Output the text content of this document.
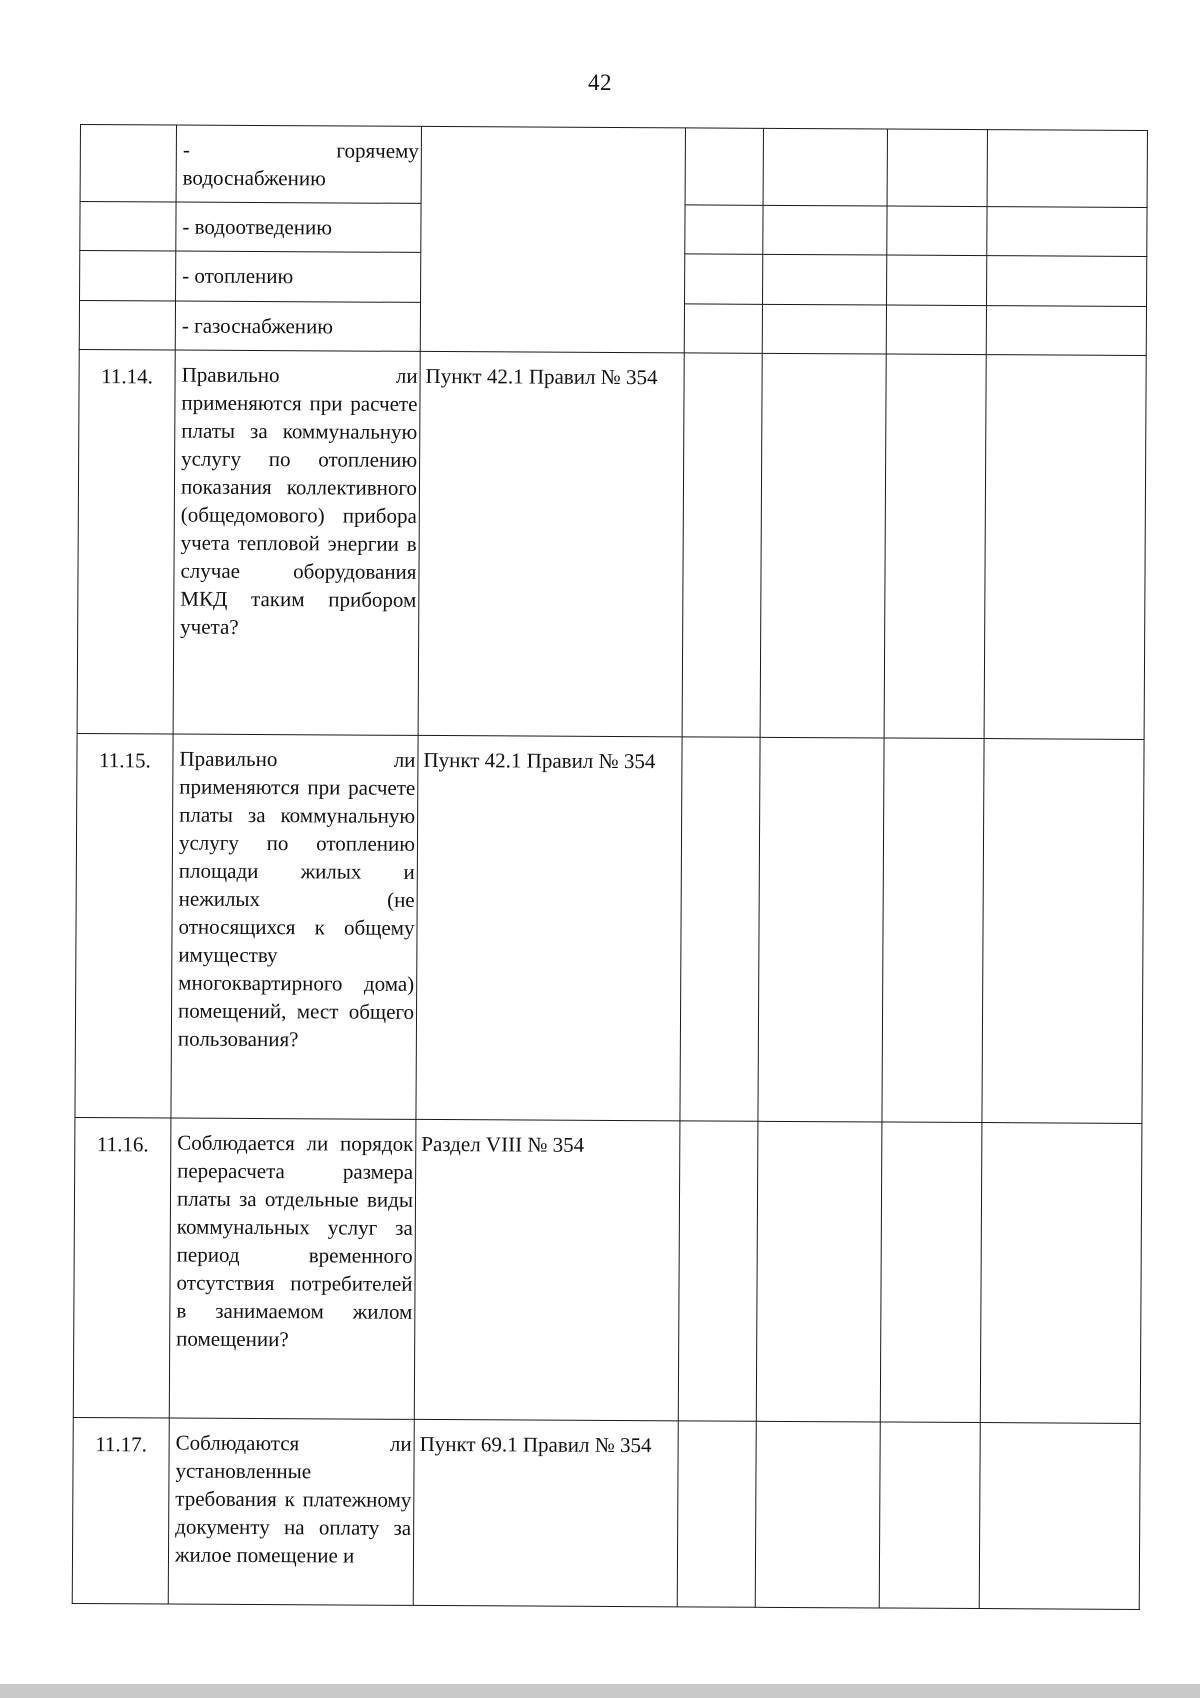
42
	- горячему водоснабжению					
	- водоотведению					
	- отоплению					
	- газоснабжению					
11.14.	Правильно ли применяются при расчете платы за коммунальную услугу по отоплению показания коллективного (общедомового) прибора учета тепловой энергии в случае оборудования МКД таким прибором учета?	Пункт 42.1 Правил № 354				
11.15.	Правильно ли применяются при расчете платы за коммунальную услугу по отоплению площади жилых и нежилых (не относящихся к общему имуществу многоквартирного дома) помещений, мест общего пользования?	Пункт 42.1 Правил № 354				
11.16.	Соблюдается ли порядок перерасчета размера платы за отдельные виды коммунальных услуг за период временного отсутствия потребителей в занимаемом жилом помещении?	Раздел VIII № 354				
11.17.	Соблюдаются ли установленные требования к платежному документу на оплату за жилое помещение и	Пункт 69.1 Правил № 354				
